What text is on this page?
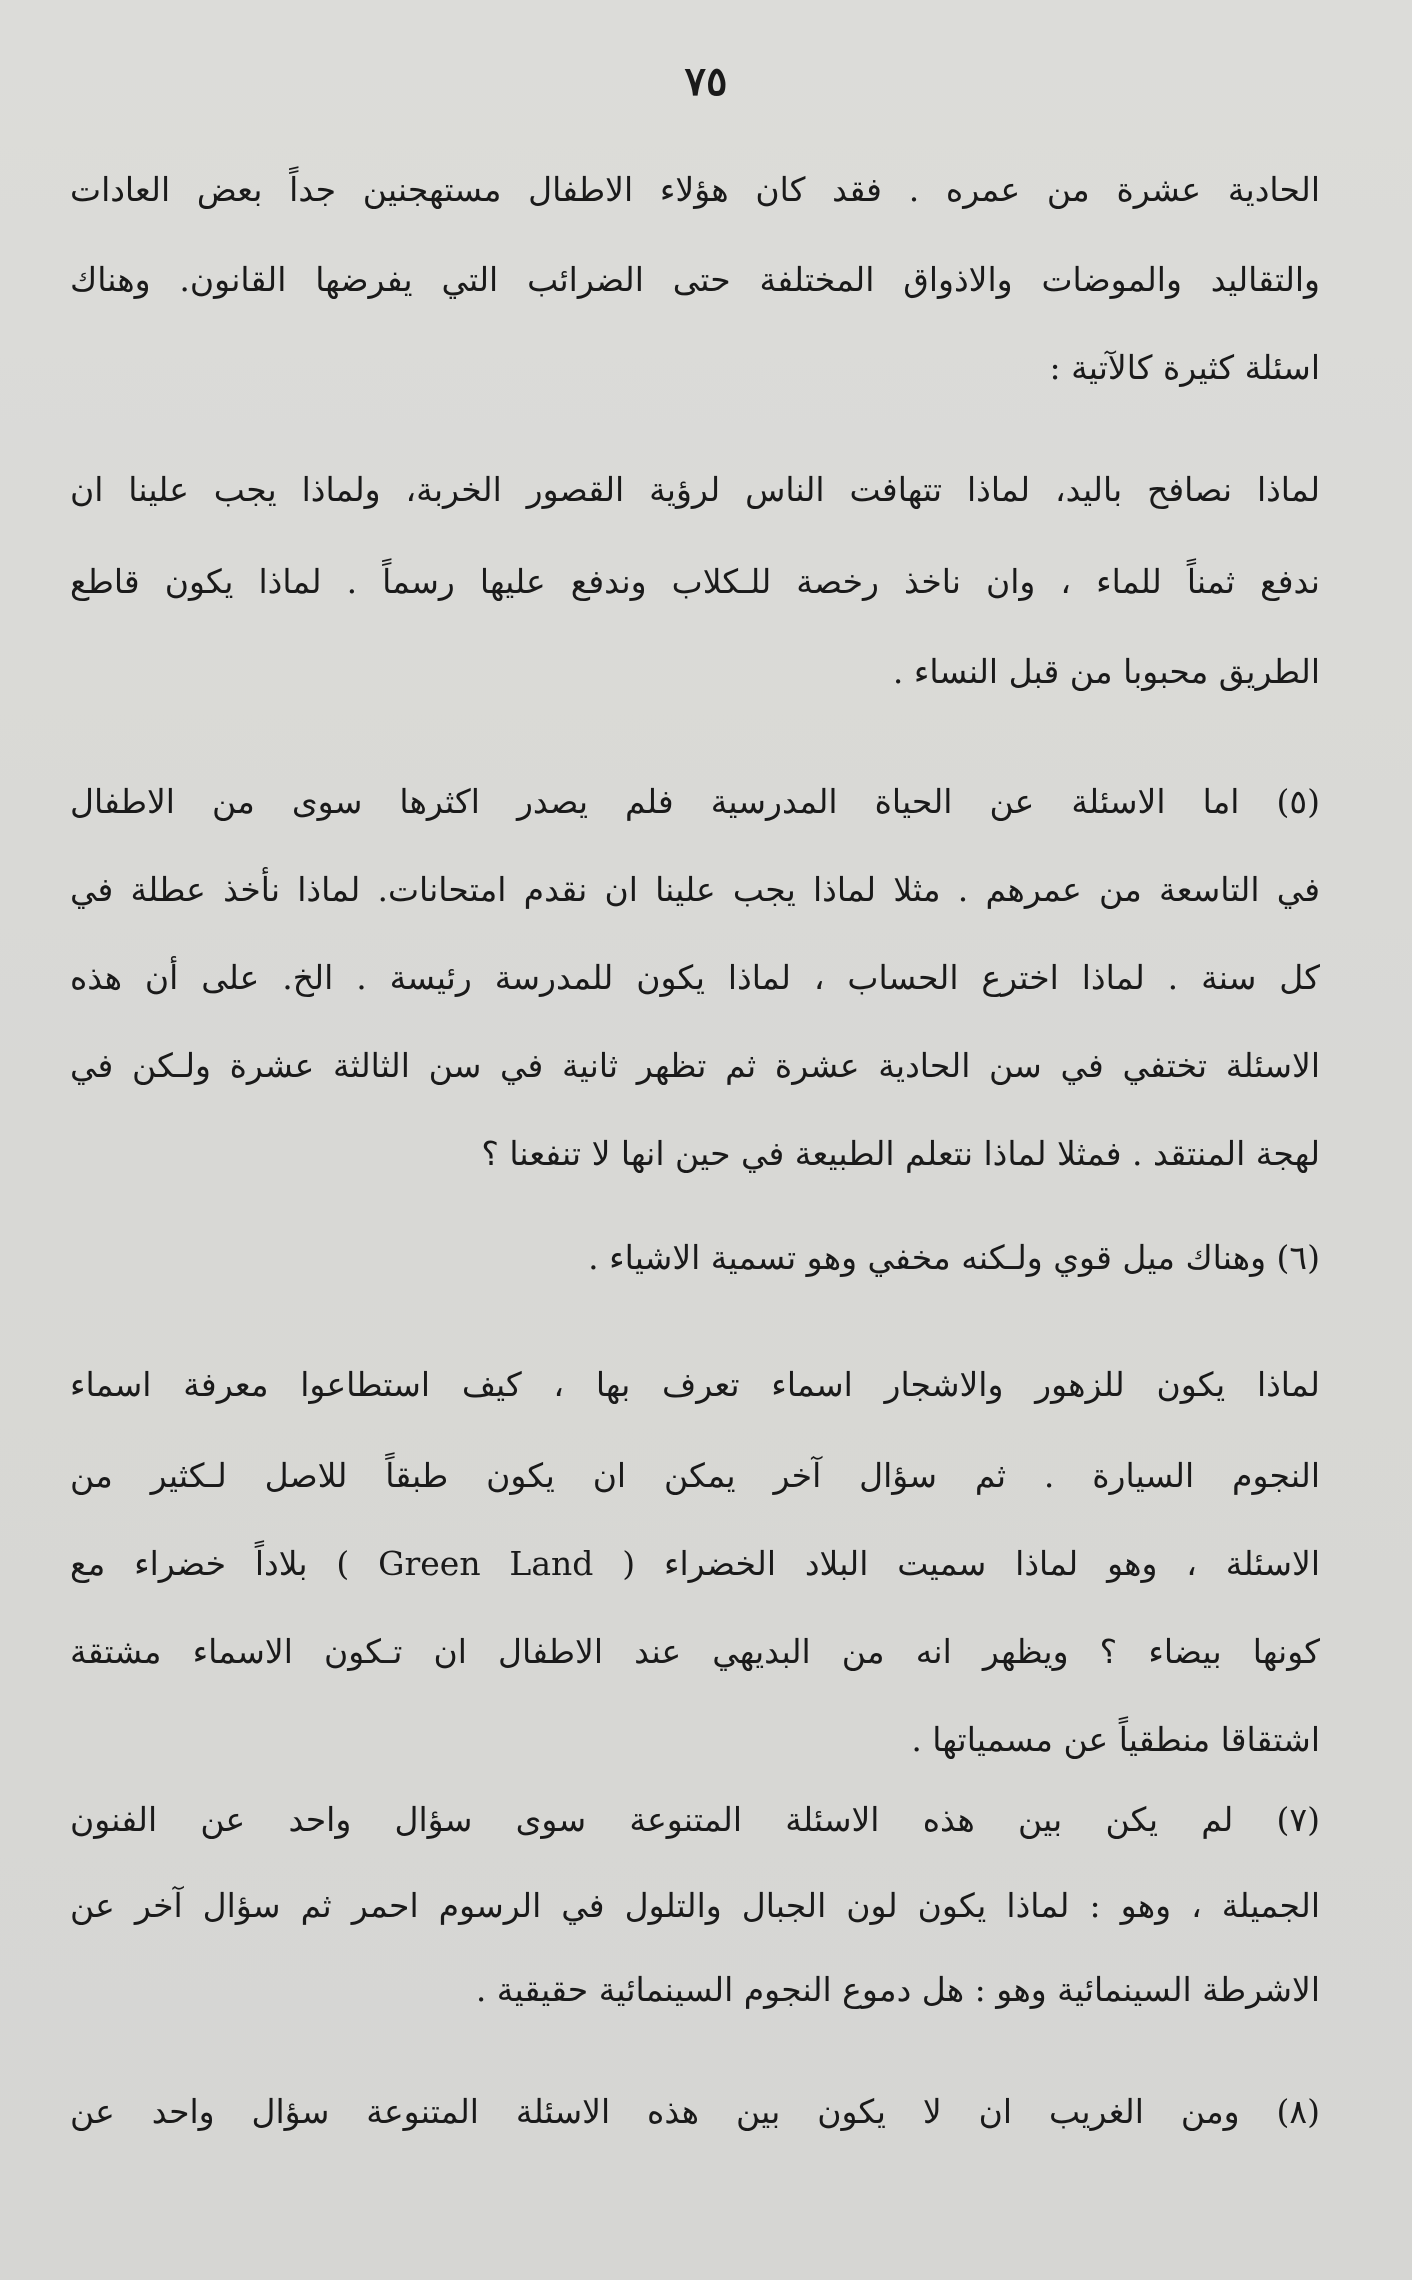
٧٥
الحادية عشرة من عمره . فقد كان هؤلاء الاطفال مستهجنين جداً بعض العادات
والتقاليد والموضات والاذواق المختلفة حتى الضرائب التي يفرضها القانون. وهناك
اسئلة كثيرة كالآتية :
لماذا نصافح باليد، لماذا تتهافت الناس لرؤية القصور الخربة، ولماذا يجب علينا ان
ندفع ثمناً للماء ، وان ناخذ رخصة للـكلاب وندفع عليها رسماً . لماذا يكون قاطع
الطريق محبوبا من قبل النساء .
(٥) اما الاسئلة عن الحياة المدرسية فلم يصدر اكثرها سوى من الاطفال
في التاسعة من عمرهم . مثلا لماذا يجب علينا ان نقدم امتحانات. لماذا نأخذ عطلة في
كل سنة . لماذا اخترع الحساب ، لماذا يكون للمدرسة رئيسة . الخ. على أن هذه
الاسئلة تختفي في سن الحادية عشرة ثم تظهر ثانية في سن الثالثة عشرة ولـكن في
لهجة المنتقد . فمثلا لماذا نتعلم الطبيعة في حين انها لا تنفعنا ؟
(٦) وهناك ميل قوي ولـكنه مخفي وهو تسمية الاشياء .
لماذا يكون للزهور والاشجار اسماء تعرف بها ، كيف استطاعوا معرفة اسماء
النجوم السيارة . ثم سؤال آخر يمكن ان يكون طبقاً للاصل لـكثير من
الاسئلة ، وهو لماذا سميت البلاد الخضراء ( Green Land ) بلاداً خضراء مع
كونها بيضاء ؟ ويظهر انه من البديهي عند الاطفال ان تـكون الاسماء مشتقة
اشتقاقا منطقياً عن مسمياتها .
(٧) لم يكن بين هذه الاسئلة المتنوعة سوى سؤال واحد عن الفنون
الجميلة ، وهو : لماذا يكون لون الجبال والتلول في الرسوم احمر ثم سؤال آخر عن
الاشرطة السينمائية وهو : هل دموع النجوم السينمائية حقيقية .
(٨) ومن الغريب ان لا يكون بين هذه الاسئلة المتنوعة سؤال واحد عن
